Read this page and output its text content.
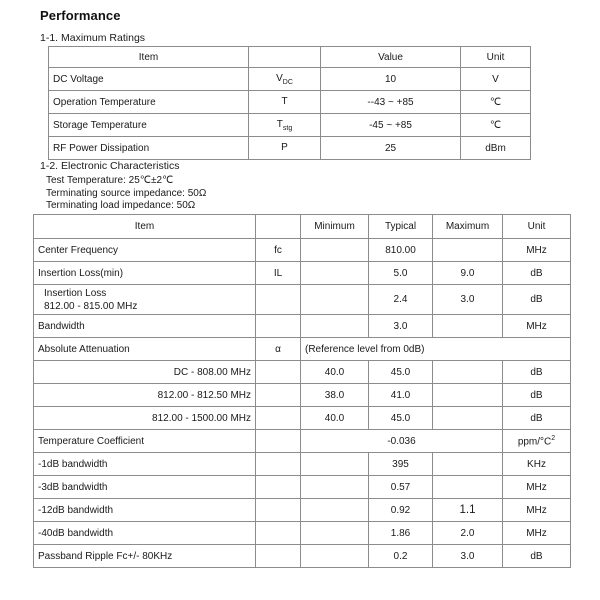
Performance
1-1. Maximum Ratings
Item		Value	Unit
DC Voltage	$V_{DC}$	10	V
Operation Temperature	T	--43 ~ +85	℃
Storage Temperature	$T_{stg}$	-45 ~ +85	℃
RF Power Dissipation	P	25	dBm
1-2. Electronic Characteristics
Test Temperature: 25℃±2℃
Terminating source impedance: 50Ω
Terminating load impedance: 50Ω
Item		Minimum	Typical	Maximum	Unit
Center Frequency	fc		810.00		MHz
Insertion Loss(min)	IL		5.0	9.0	dB

Insertion Loss
812.00 - 815.00 MHz			2.4	3.0	dB
Bandwidth			3.0		MHz
Absolute Attenuation	α	(Reference level from 0dB)			
DC - 808.00 MHz		40.0	45.0		dB
812.00 - 812.50 MHz		38.0	41.0		dB
812.00 - 1500.00 MHz		40.0	45.0		dB
Temperature Coefficient		-0.036			ppm/$^\circ C^2$
-1dB bandwidth			395		KHz
-3dB bandwidth			0.57		MHz
-12dB bandwidth			0.92	1.1	MHz
-40dB bandwidth			1.86	2.0	MHz
Passband Ripple Fc+/- 80KHz			0.2	3.0	dB
